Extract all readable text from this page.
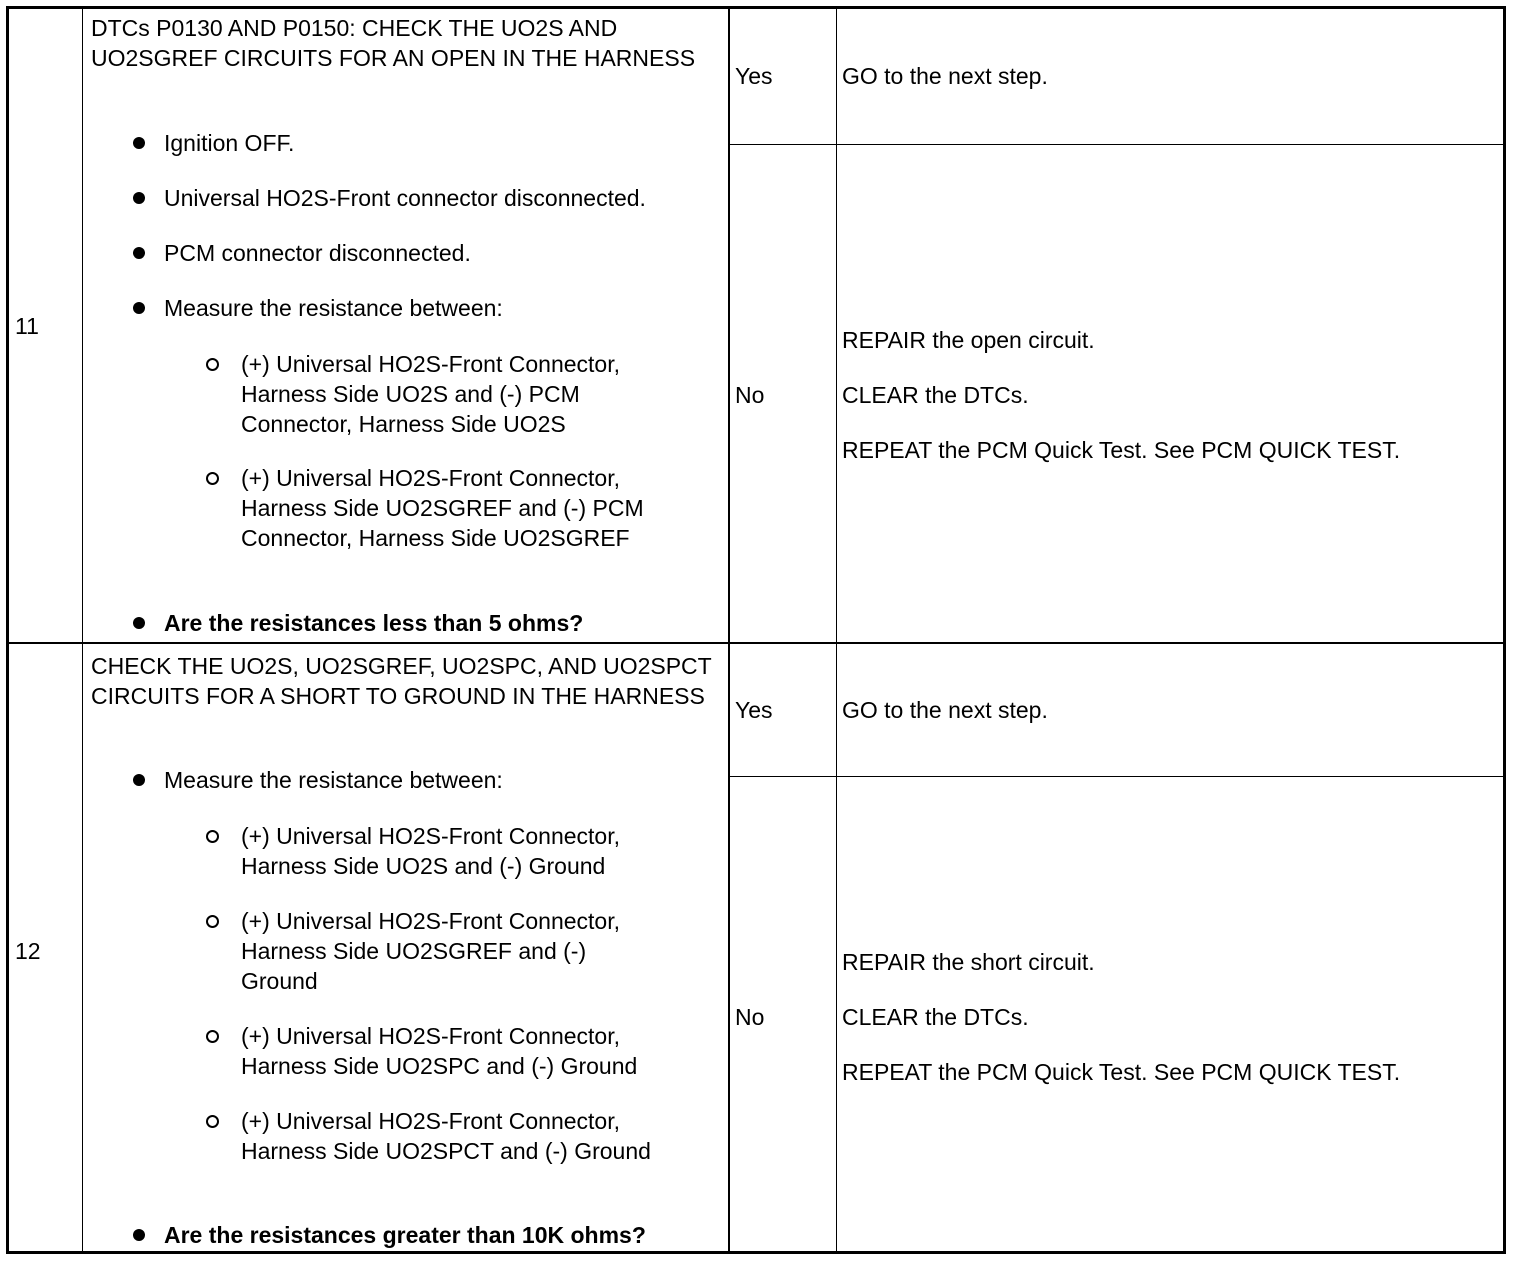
11
DTCs P0130 AND P0150: CHECK THE UO2S AND UO2SGREF CIRCUITS FOR AN OPEN IN THE HARNESS
Ignition OFF.
Universal HO2S-Front connector disconnected.
PCM connector disconnected.
Measure the resistance between:
(+) Universal HO2S-Front Connector, Harness Side UO2S and (-) PCM Connector, Harness Side UO2S
(+) Universal HO2S-Front Connector, Harness Side UO2SGREF and (-) PCM Connector, Harness Side UO2SGREF
Are the resistances less than 5 ohms?
Yes	GO to the next step.
No
REPAIR the open circuit.
CLEAR the DTCs.
REPEAT the PCM Quick Test. See PCM QUICK TEST.
12
CHECK THE UO2S, UO2SGREF, UO2SPC, AND UO2SPCT CIRCUITS FOR A SHORT TO GROUND IN THE HARNESS
Measure the resistance between:
(+) Universal HO2S-Front Connector, Harness Side UO2S and (-) Ground
(+) Universal HO2S-Front Connector, Harness Side UO2SGREF and (-) Ground
(+) Universal HO2S-Front Connector, Harness Side UO2SPC and (-) Ground
(+) Universal HO2S-Front Connector, Harness Side UO2SPCT and (-) Ground
Are the resistances greater than 10K ohms?
Yes	GO to the next step.
No
REPAIR the short circuit.
CLEAR the DTCs.
REPEAT the PCM Quick Test. See PCM QUICK TEST.
